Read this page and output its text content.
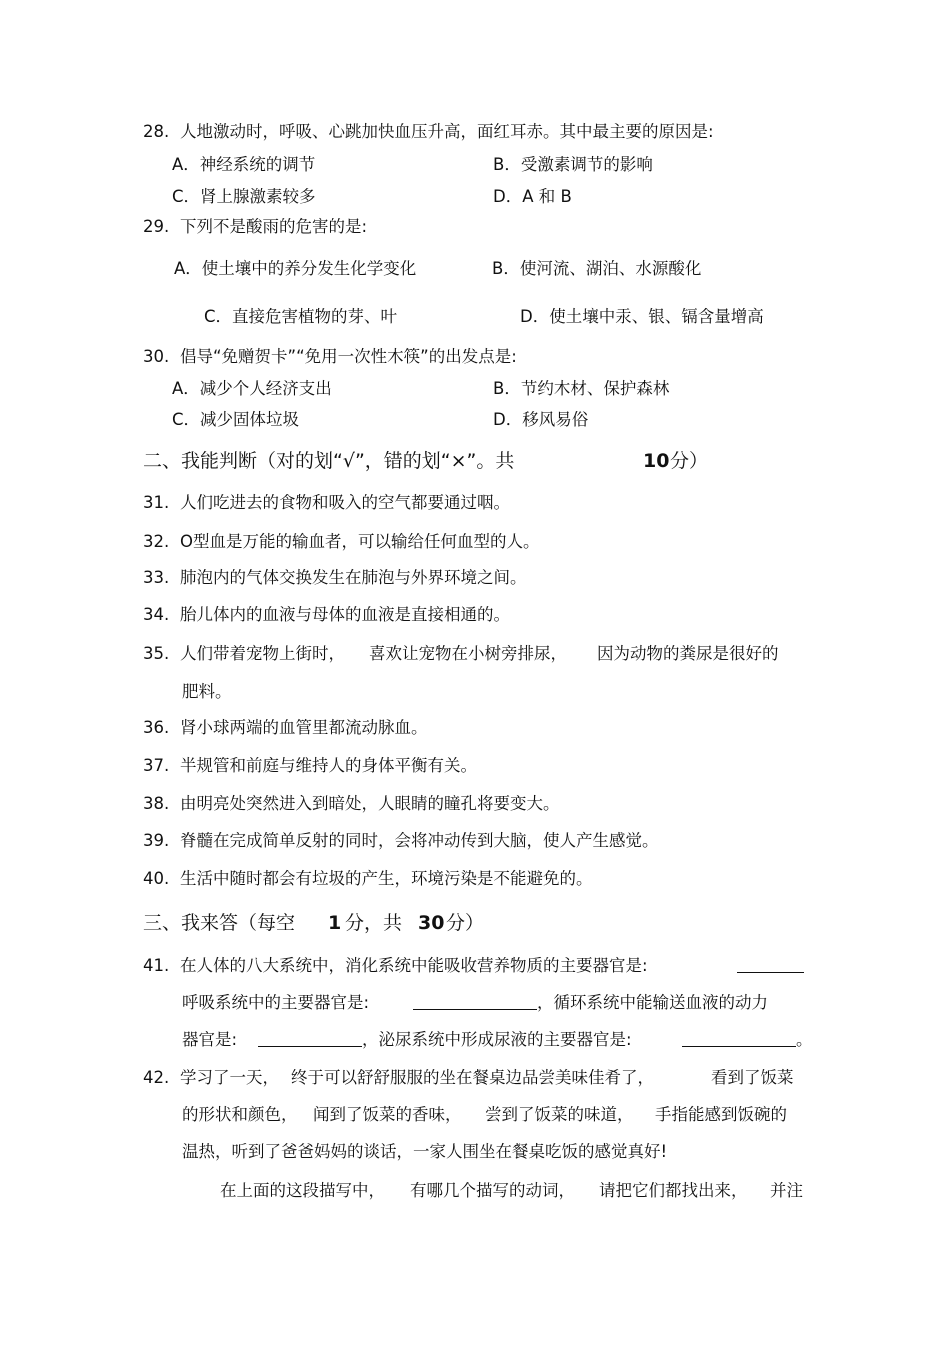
28. 人地激动时，呼吸、心跳加快血压升高，面红耳赤。其中最主要的原因是:
A．神经系统的调节	B．受激素调节的影响
C．肾上腺激素较多	D．A 和 B
29. 下列不是酸雨的危害的是:
A．使土壤中的养分发生化学变化	B．使河流、湖泊、水源酸化
C．直接危害植物的芽、叶	D．使土壤中汞、银、镉含量增高
30. 倡导“免赠贺卡”“免用一次性木筷”的出发点是:
A．减少个人经济支出	B．节约木材、保护森林
C．减少固体垃圾	D．移风易俗
二、我能判断（对的划“√”，错的划“×”。共	10 分）
31. 人们吃进去的食物和吸入的空气都要通过咽。
32. O型血是万能的输血者，可以输给任何血型的人。
33. 肺泡内的气体交换发生在肺泡与外界环境之间。
34. 胎儿体内的血液与母体的血液是直接相通的。
35. 人们带着宠物上街时， 喜欢让宠物在小树旁排尿， 因为动物的粪尿是很好的
肥料。
36. 肾小球两端的血管里都流动脉血。
37. 半规管和前庭与维持人的身体平衡有关。
38. 由明亮处突然进入到暗处，人眼睛的瞳孔将要变大。
39. 脊髓在完成简单反射的同时，会将冲动传到大脑，使人产生感觉。
40. 生活中随时都会有垃圾的产生，环境污染是不能避免的。
三、我来答（每空 1 分，共 30 分）
41. 在人体的八大系统中，消化系统中能吸收营养物质的主要器官是:
呼吸系统中的主要器官是:	，循环系统中能输送血液的动力
器官是:	，泌尿系统中形成尿液的主要器官是:	。
42. 学习了一天， 终于可以舒舒服服的坐在餐桌边品尝美味佳肴了，	看到了饭菜
的形状和颜色， 闻到了饭菜的香味， 尝到了饭菜的味道， 手指能感到饭碗的
温热，听到了爸爸妈妈的谈话，一家人围坐在餐桌吃饭的感觉真好!
在上面的这段描写中， 有哪几个描写的动词， 请把它们都找出来， 并注
